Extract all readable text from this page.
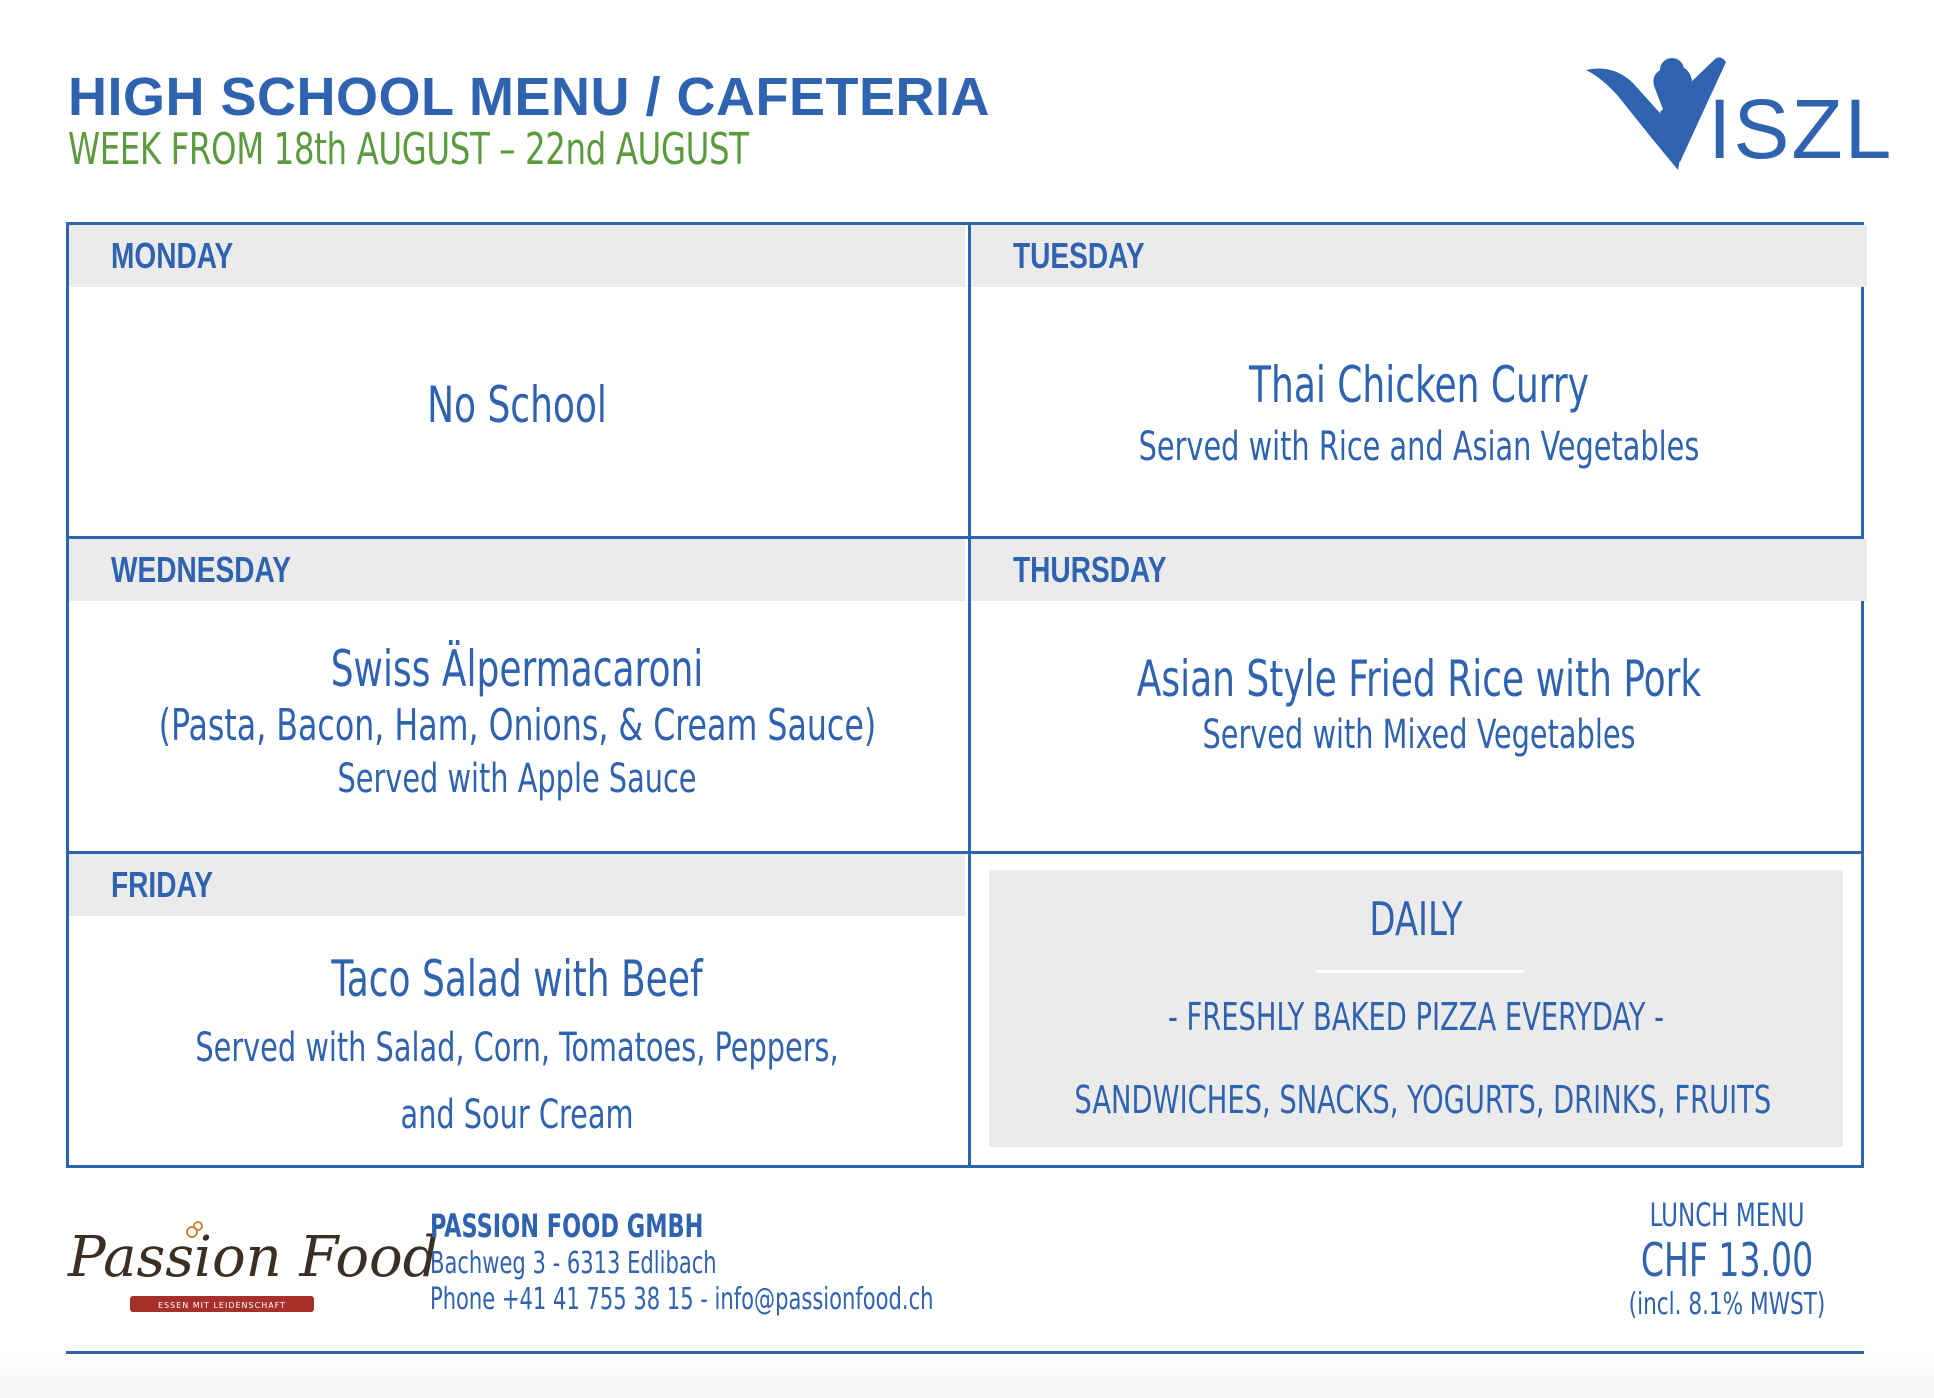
HIGH SCHOOL MENU / CAFETERIA
WEEK FROM 18th AUGUST – 22nd AUGUST	ISZL
MONDAY
No School
TUESDAY
Thai Chicken Curry
Served with Rice and Asian Vegetables
WEDNESDAY
Swiss Älpermacaroni
(Pasta, Bacon, Ham, Onions, & Cream Sauce)
Served with Apple Sauce
THURSDAY
Asian Style Fried Rice with Pork
Served with Mixed Vegetables
FRIDAY
Taco Salad with Beef
Served with Salad, Corn, Tomatoes, Peppers,
and Sour Cream
DAILY
- FRESHLY BAKED PIZZA EVERYDAY -
SANDWICHES, SNACKS, YOGURTS, DRINKS, FRUITS
Passion Food
ESSEN MIT LEIDENSCHAFT
PASSION FOOD GMBH
Bachweg 3 - 6313 Edlibach
Phone +41 41 755 38 15 - info@passionfood.ch
LUNCH MENU
CHF 13.00
(incl. 8.1% MWST)
